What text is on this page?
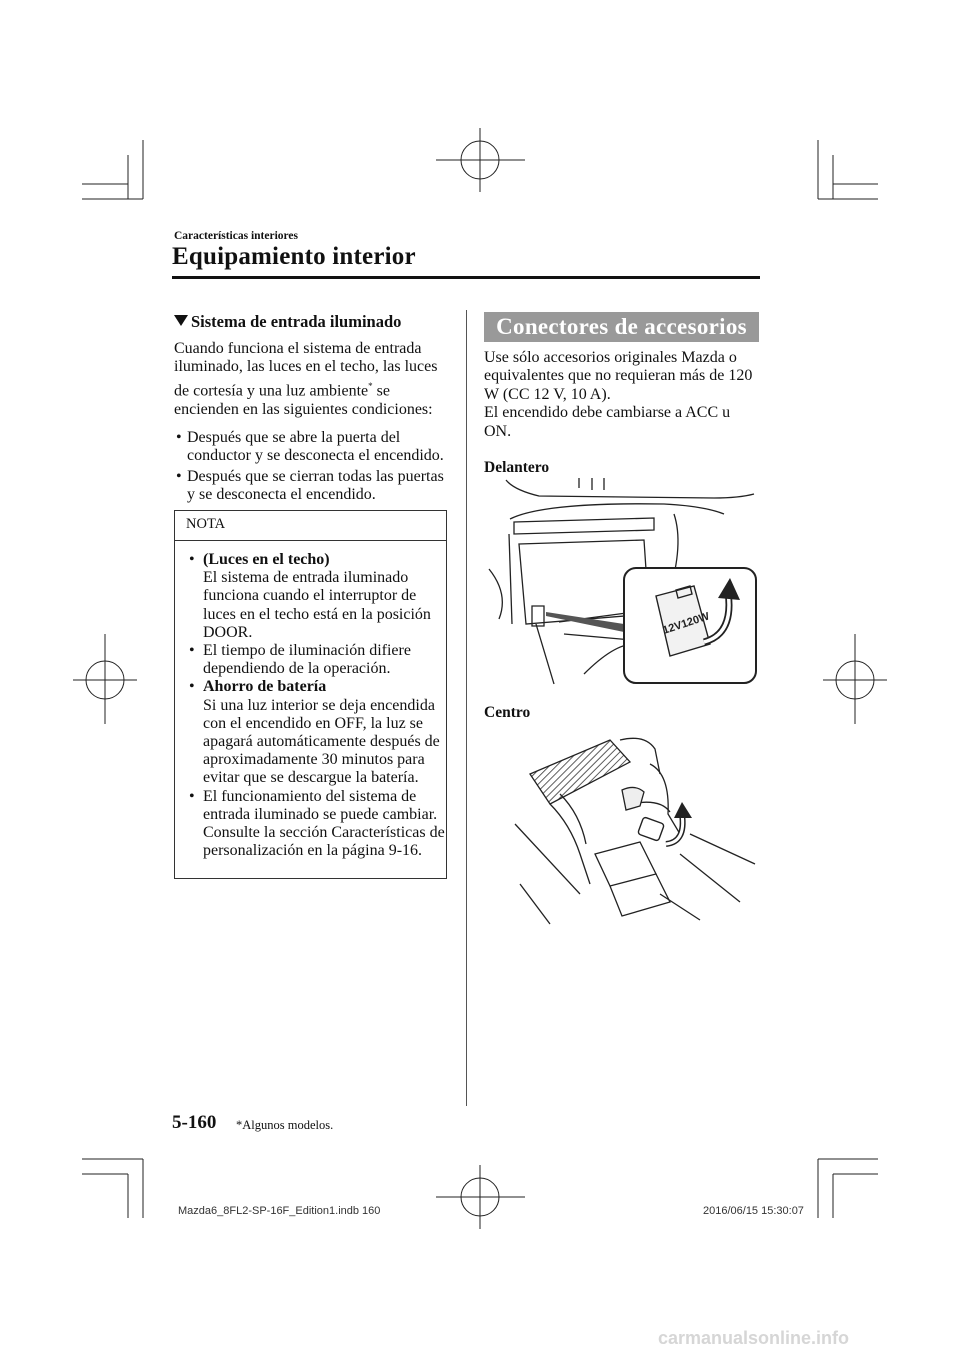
Características interiores
Equipamiento interior
Sistema de entrada iluminado

Cuando funciona el sistema de entrada iluminado, las luces en el techo, las luces de cortesía y una luz ambiente* se encienden en las siguientes condiciones:

• Después que se abre la puerta del conductor y se desconecta el encendido.
• Después que se cierran todas las puertas y se desconecta el encendido.
NOTA
• (Luces en el techo)
El sistema de entrada iluminado funciona cuando el interruptor de luces en el techo está en la posición DOOR.
• El tiempo de iluminación difiere dependiendo de la operación.
• Ahorro de batería
Si una luz interior se deja encendida con el encendido en OFF, la luz se apagará automáticamente después de aproximadamente 30 minutos para evitar que se descargue la batería.
• El funcionamiento del sistema de entrada iluminado se puede cambiar. Consulte la sección Características de personalización en la página 9-16.
Conectores de accesorios

Use sólo accesorios originales Mazda o equivalentes que no requieran más de 120 W (CC 12 V, 10 A).

El encendido debe cambiarse a ACC u ON.

Delantero
12V120W
Centro
5-160 *Algunos modelos.
Mazda6_8FL2-SP-16F_Edition1.indb 160	2016/06/15 15:30:07
carmanualsonline.info
